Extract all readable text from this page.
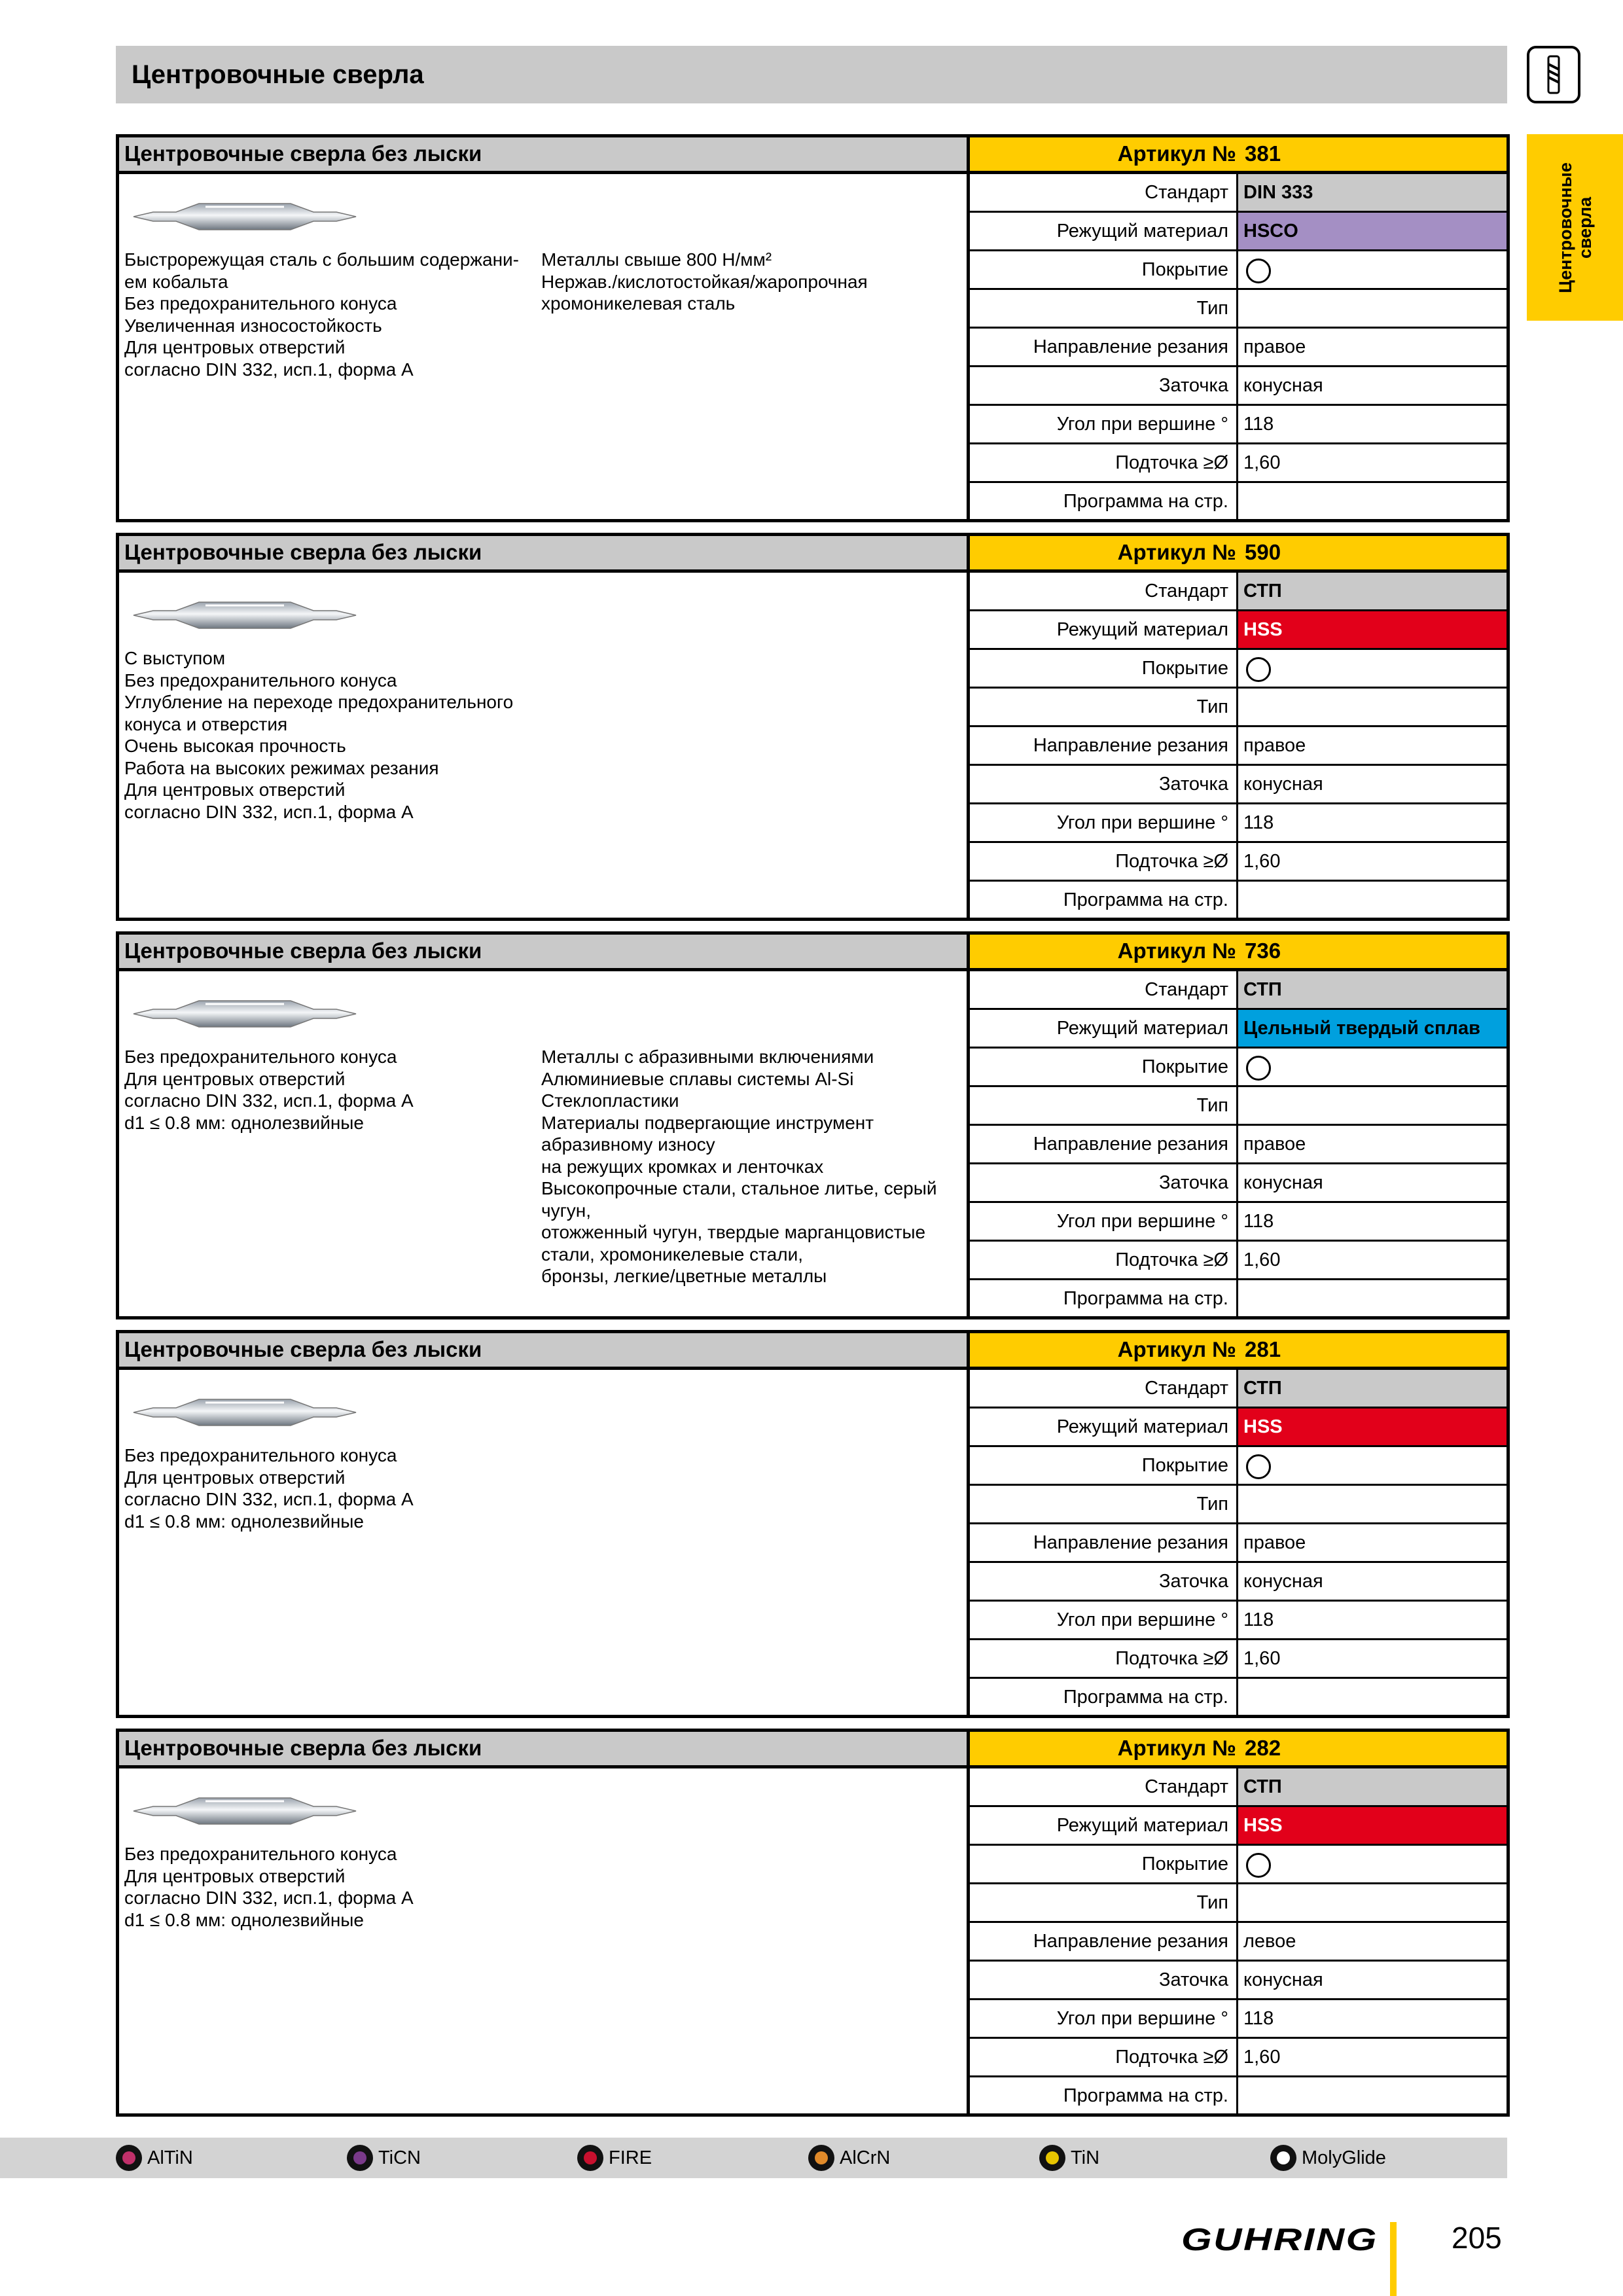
Центровочные сверла
Центровочные сверла
Центровочные сверла без лыски	Артикул № 381
Быстрорежущая сталь с большим содержани-
ем кобальта
Без предохранительного конуса
Увеличенная износостойкость
Для центровых отверстий
согласно DIN 332, исп.1, форма A
Металлы свыше 800 Н/мм²
Нержав./кислотостойкая/жаропрочная
хромоникелевая сталь
Стандарт DIN 333
Режущий материал HSCO
Покрытие
Тип
Направление резания правое
Заточка конусная
Угол при вершине ° 118
Подточка ≥Ø 1,60
Программа на стр.
Центровочные сверла без лыски	Артикул № 590
С выступом
Без предохранительного конуса
Углубление на переходе предохранительного
конуса и отверстия
Очень высокая прочность
Работа на высоких режимах резания
Для центровых отверстий
согласно DIN 332, исп.1, форма A
Стандарт СТП
Режущий материал HSS
Покрытие
Тип
Направление резания правое
Заточка конусная
Угол при вершине ° 118
Подточка ≥Ø 1,60
Программа на стр.
Центровочные сверла без лыски	Артикул № 736
Без предохранительного конуса
Для центровых отверстий
согласно DIN 332, исп.1, форма A
d1 ≤ 0.8 мм: однолезвийные
Металлы с абразивными включениями
Алюминиевые сплавы системы Al-Si
Стеклопластики
Материалы подвергающие инструмент
абразивному износу
на режущих кромках и ленточках
Высокопрочные стали, стальное литье, серый
чугун,
отожженный чугун, твердые марганцовистые
стали, хромоникелевые стали,
бронзы, легкие/цветные металлы
Стандарт СТП
Режущий материал Цельный твердый сплав
Покрытие
Тип
Направление резания правое
Заточка конусная
Угол при вершине ° 118
Подточка ≥Ø 1,60
Программа на стр.
Центровочные сверла без лыски	Артикул № 281
Без предохранительного конуса
Для центровых отверстий
согласно DIN 332, исп.1, форма A
d1 ≤ 0.8 мм: однолезвийные
Стандарт СТП
Режущий материал HSS
Покрытие
Тип
Направление резания правое
Заточка конусная
Угол при вершине ° 118
Подточка ≥Ø 1,60
Программа на стр.
Центровочные сверла без лыски	Артикул № 282
Без предохранительного конуса
Для центровых отверстий
согласно DIN 332, исп.1, форма A
d1 ≤ 0.8 мм: однолезвийные
Стандарт СТП
Режущий материал HSS
Покрытие
Тип
Направление резания левое
Заточка конусная
Угол при вершине ° 118
Подточка ≥Ø 1,60
Программа на стр.
AlTiN	TiCN	FIRE	AlCrN	TiN	MolyGlide
GUHRING 205
